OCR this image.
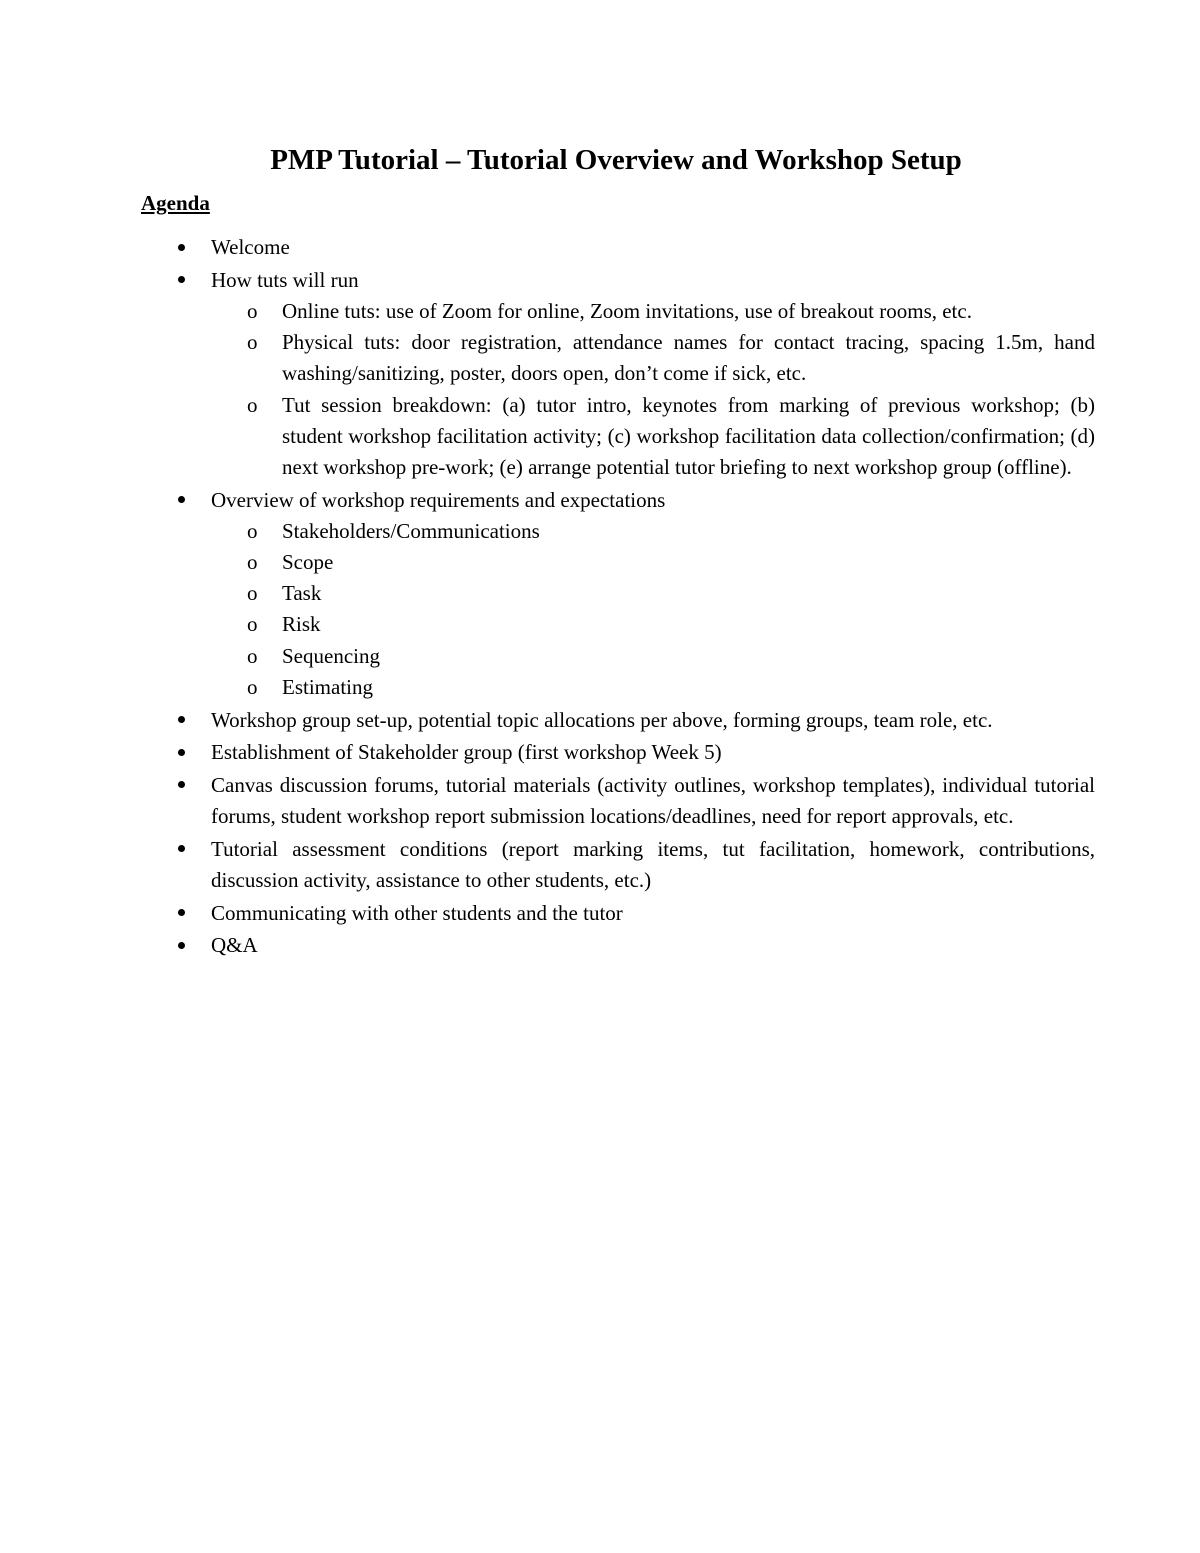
PMP Tutorial – Tutorial Overview and Workshop Setup
Agenda
Welcome
How tuts will run
o Online tuts: use of Zoom for online, Zoom invitations, use of breakout rooms, etc.
o Physical tuts: door registration, attendance names for contact tracing, spacing 1.5m, hand washing/sanitizing, poster, doors open, don’t come if sick, etc.
o Tut session breakdown: (a) tutor intro, keynotes from marking of previous workshop; (b) student workshop facilitation activity; (c) workshop facilitation data collection/confirmation; (d) next workshop pre-work; (e) arrange potential tutor briefing to next workshop group (offline).
Overview of workshop requirements and expectations
o Stakeholders/Communications
o Scope
o Task
o Risk
o Sequencing
o Estimating
Workshop group set-up, potential topic allocations per above, forming groups, team role, etc.
Establishment of Stakeholder group (first workshop Week 5)
Canvas discussion forums, tutorial materials (activity outlines, workshop templates), individual tutorial forums, student workshop report submission locations/deadlines, need for report approvals, etc.
Tutorial assessment conditions (report marking items, tut facilitation, homework, contributions, discussion activity, assistance to other students, etc.)
Communicating with other students and the tutor
Q&A
